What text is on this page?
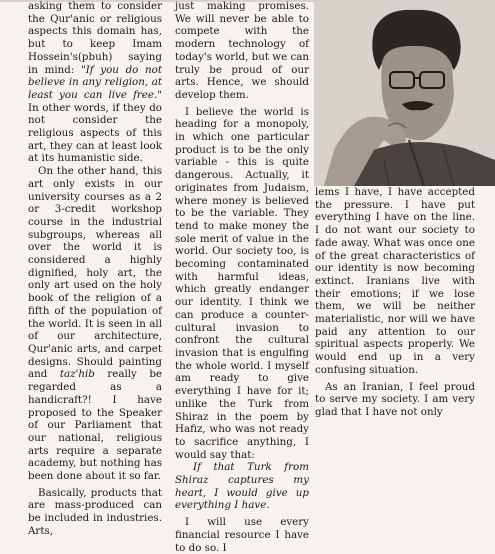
asking them to consider the Qur'anic or religious aspects this domain has, but to keep Imam Hossein's(pbuh) saying in mind: "If you do not believe in any religion, at least you can live free." In other words, if they do not consider the religious aspects of this art, they can at least look at its humanistic side.

On the other hand, this art only exists in our university courses as a 2 or 3-credit workshop course in the industrial subgroups, whereas all over the world it is considered a highly dignified, holy art, the only art used on the holy book of the religion of a fifth of the population of the world. It is seen in all of our architecture, Qur'anic arts, and carpet designs. Should painting and taz'hib really be regarded as a handicraft?! I have proposed to the Speaker of our Parliament that our national, religious arts require a separate academy, but nothing has been done about it so far.

Basically, products that are mass-produced can be included in industries. Arts,

just making promises. We will never be able to compete with the modern technology of today's world, but we can truly be proud of our arts. Hence, we should develop them.

I believe the world is heading for a monopoly, in which one particular product is to be the only variable - this is quite dangerous. Actually, it originates from Judaism, where money is believed to be the variable. They tend to make money the sole merit of value in the world. Our society too, is becoming contaminated with harmful ideas, which greatly endanger our identity. I think we can produce a counter-cultural invasion to confront the cultural invasion that is engulfing the whole world. I myself am ready to give everything I have for it; unlike the Turk from Shiraz in the poem by Hafiz, who was not ready to sacrifice anything, I would say that:

If that Turk from Shiraz captures my heart, I would give up everything I have.

I will use every financial resource I have to do so. I

lems I have, I have accepted the pressure. I have put everything I have on the line. I do not want our society to fade away. What was once one of the great characteristics of our identity is now becoming extinct. Iranians live with their emotions; if we lose them, we will be neither materialistic, nor will we have paid any attention to our spiritual aspects properly. We would end up in a very confusing situation.

As an Iranian, I feel proud to serve my society. I am very glad that I have not only
